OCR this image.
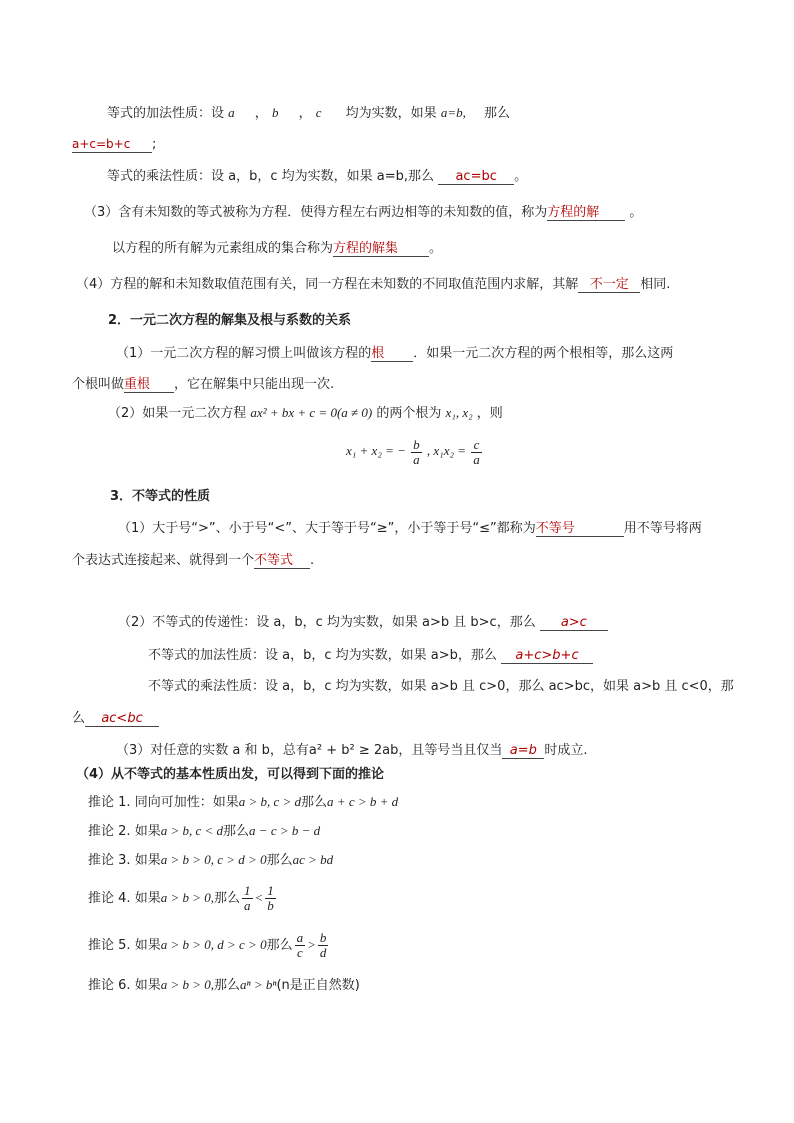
等式的加法性质：设 a ， b ， c 均为实数，如果 a=b, 那么
a+c=b+c ;
等式的乘法性质：设 a，b，c 均为实数，如果 a=b,那么 ac=bc 。
（3）含有未知数的等式被称为方程．使得方程左右两边相等的未知数的值，称为方程的解 。
以方程的所有解为元素组成的集合称为方程的解集 。
（4）方程的解和未知数取值范围有关，同一方程在未知数的不同取值范围内求解，其解 不一定 相同.
2．一元二次方程的解集及根与系数的关系
（1）一元二次方程的解习惯上叫做该方程的根 ．如果一元二次方程的两个根相等，那么这两
个根叫做重根 ，它在解集中只能出现一次.
（2）如果一元二次方程 ax² + bx + c = 0(a ≠ 0) 的两个根为 x₁, x₂ ，则
x₁ + x₂ = − $\frac{b}{a}$ , $x_1x_2 = \frac{c}{a}$
3．不等式的性质
（1）大于号“>”、小于号“<”、大于等于号“≥”，小于等于号“≤”都称为不等号	用不等号将两
个表达式连接起来、就得到一个不等式 .
（2）不等式的传递性：设 a，b，c 均为实数，如果 a>b 且 b>c，那么 a>c
不等式的加法性质：设 a，b，c 均为实数，如果 a>b，那么 a+c>b+c
不等式的乘法性质：设 a，b，c 均为实数，如果 a>b 且 c>0，那么 ac>bc，如果 a>b 且 c<0，那
么 ac<bc
（3）对任意的实数 a 和 b，总有a² + b² ≥ 2ab，且等号当且仅当 a=b 时成立.
（4）从不等式的基本性质出发，可以得到下面的推论
推论 1. 同向可加性：如果a > b, c > d那么a + c > b + d
推论 2. 如果a > b, c < d那么a − c > b − d
推论 3. 如果a > b > 0, c > d > 0那么ac > bd
推论 4. 如果a > b > 0,那么 $\frac{1}{a} < \frac{1}{b}$
推论 5. 如果a > b > 0, d > c > 0那么 $\frac{a}{c} > \frac{b}{d}$
推论 6. 如果a > b > 0,那么aⁿ > bⁿ(n是正自然数)
